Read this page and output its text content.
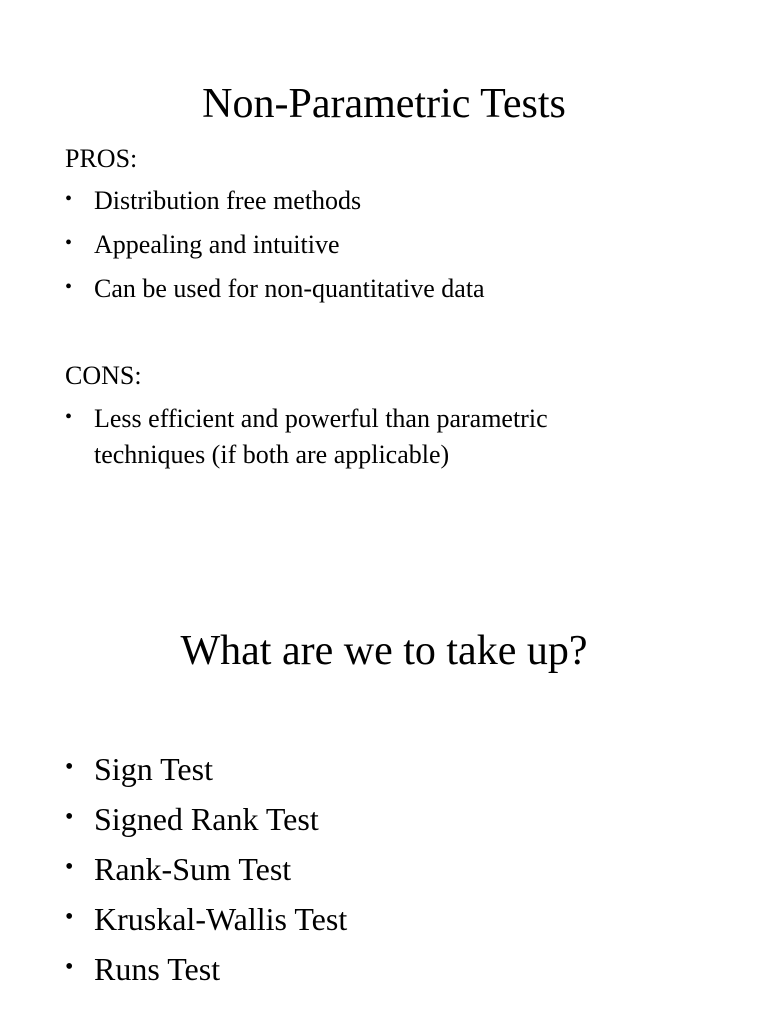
Non-Parametric Tests
PROS:
• Distribution free methods
• Appealing and intuitive
• Can be used for non-quantitative data
CONS:
• Less efficient and powerful than parametric techniques (if both are applicable)
What are we to take up?
• Sign Test
• Signed Rank Test
• Rank-Sum Test
• Kruskal-Wallis Test
• Runs Test
